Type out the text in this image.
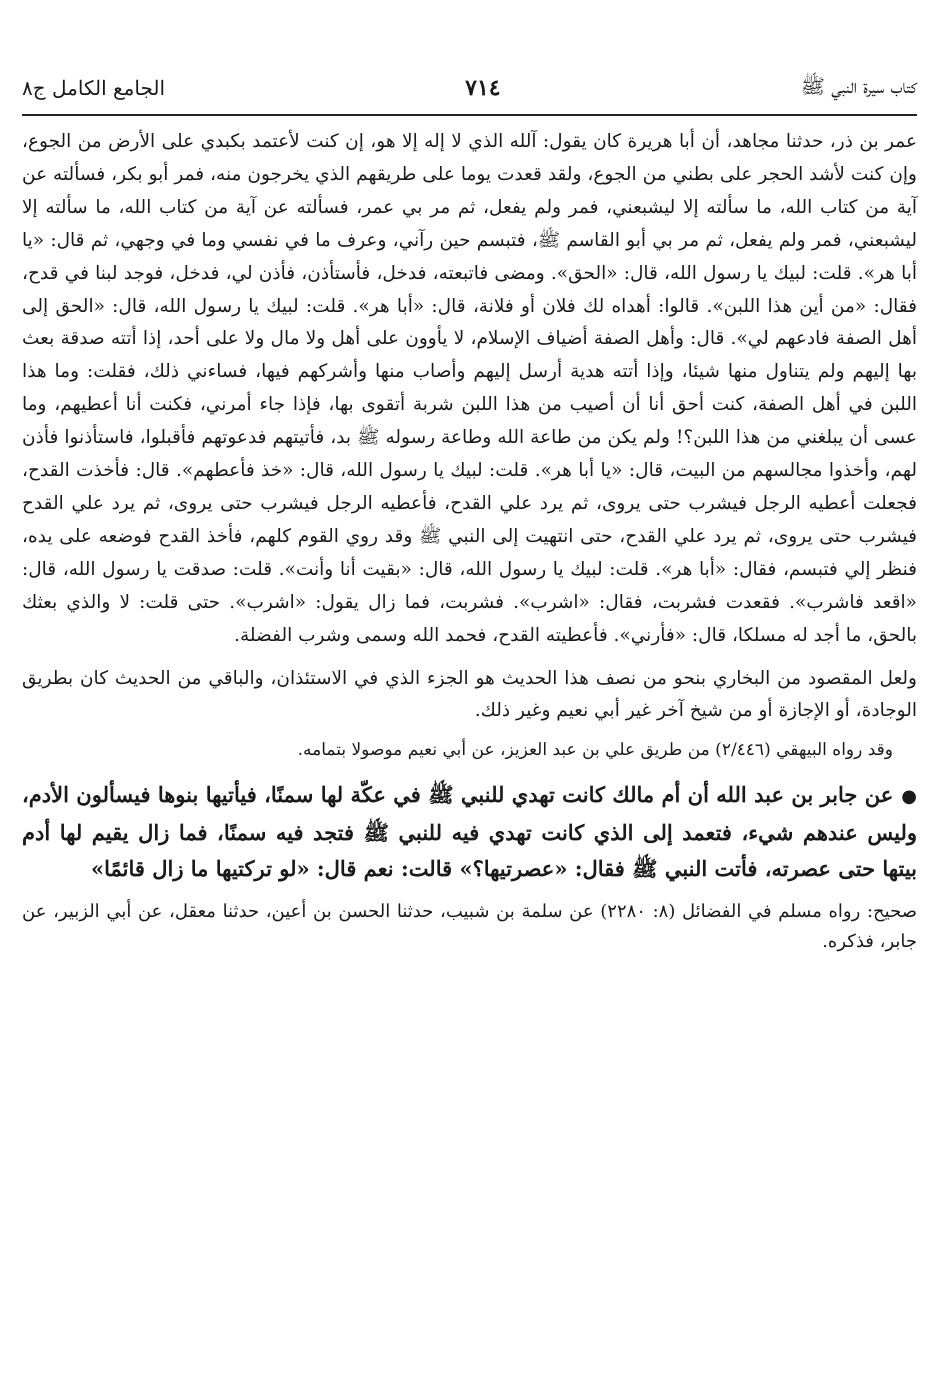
كتاب سيرة النبي ﷺ
٧١٤
الجامع الكامل ج٨

عمر بن ذر، حدثنا مجاهد، أن أبا هريرة كان يقول: آلله الذي لا إله إلا هو، إن كنت لأعتمد بكبدي على الأرض من الجوع، وإن كنت لأشد الحجر على بطني من الجوع، ولقد قعدت يوما على طريقهم الذي يخرجون منه، فمر أبو بكر، فسألته عن آية من كتاب الله، ما سألته إلا ليشبعني، فمر ولم يفعل، ثم مر بي عمر، فسألته عن آية من كتاب الله، ما سألته إلا ليشبعني، فمر ولم يفعل، ثم مر بي أبو القاسم ﷺ، فتبسم حين رآني، وعرف ما في نفسي وما في وجهي، ثم قال: «يا أبا هر». قلت: لبيك يا رسول الله، قال: «الحق». ومضى فاتبعته، فدخل، فأستأذن، فأذن لي، فدخل، فوجد لبنا في قدح، فقال: «من أين هذا اللبن». قالوا: أهداه لك فلان أو فلانة، قال: «أبا هر». قلت: لبيك يا رسول الله، قال: «الحق إلى أهل الصفة فادعهم لي». قال: وأهل الصفة أضياف الإسلام، لا يأوون على أهل ولا مال ولا على أحد، إذا أتته صدقة بعث بها إليهم ولم يتناول منها شيئا، وإذا أتته هدية أرسل إليهم وأصاب منها وأشركهم فيها، فساءني ذلك، فقلت: وما هذا اللبن في أهل الصفة، كنت أحق أنا أن أصيب من هذا اللبن شربة أتقوى بها، فإذا جاء أمرني، فكنت أنا أعطيهم، وما عسى أن يبلغني من هذا اللبن؟! ولم يكن من طاعة الله وطاعة رسوله ﷺ بد، فأتيتهم فدعوتهم فأقبلوا، فاستأذنوا فأذن لهم، وأخذوا مجالسهم من البيت، قال: «يا أبا هر». قلت: لبيك يا رسول الله، قال: «خذ فأعطهم». قال: فأخذت القدح، فجعلت أعطيه الرجل فيشرب حتى يروى، ثم يرد علي القدح، فأعطيه الرجل فيشرب حتى يروى، ثم يرد علي القدح فيشرب حتى يروى، ثم يرد علي القدح، حتى انتهيت إلى النبي ﷺ وقد روي القوم كلهم، فأخذ القدح فوضعه على يده، فنظر إلي فتبسم، فقال: «أبا هر». قلت: لبيك يا رسول الله، قال: «بقيت أنا وأنت». قلت: صدقت يا رسول الله، قال: «اقعد فاشرب». فقعدت فشربت، فقال: «اشرب». فشربت، فما زال يقول: «اشرب». حتى قلت: لا والذي بعثك بالحق، ما أجد له مسلكا، قال: «فأرني». فأعطيته القدح، فحمد الله وسمى وشرب الفضلة.

ولعل المقصود من البخاري بنحو من نصف هذا الحديث هو الجزء الذي في الاستئذان، والباقي من الحديث كان بطريق الوجادة، أو الإجازة أو من شيخ آخر غير أبي نعيم وغير ذلك.

وقد رواه البيهقي (٢/٤٤٦) من طريق علي بن عبد العزيز، عن أبي نعيم موصولا بتمامه.

●عن جابر بن عبد الله أن أم مالك كانت تهدي للنبي ﷺ في عكّة لها سمنًا، فيأتيها بنوها فيسألون الأدم، وليس عندهم شيء، فتعمد إلى الذي كانت تهدي فيه للنبي ﷺ فتجد فيه سمنًا، فما زال يقيم لها أدم بيتها حتى عصرته، فأتت النبي ﷺ فقال: «عصرتيها؟» قالت: نعم قال: «لو تركتيها ما زال قائمًا»

صحيح: رواه مسلم في الفضائل (٨: ٢٢٨٠) عن سلمة بن شبيب، حدثنا الحسن بن أعين، حدثنا معقل، عن أبي الزبير، عن جابر، فذكره.
